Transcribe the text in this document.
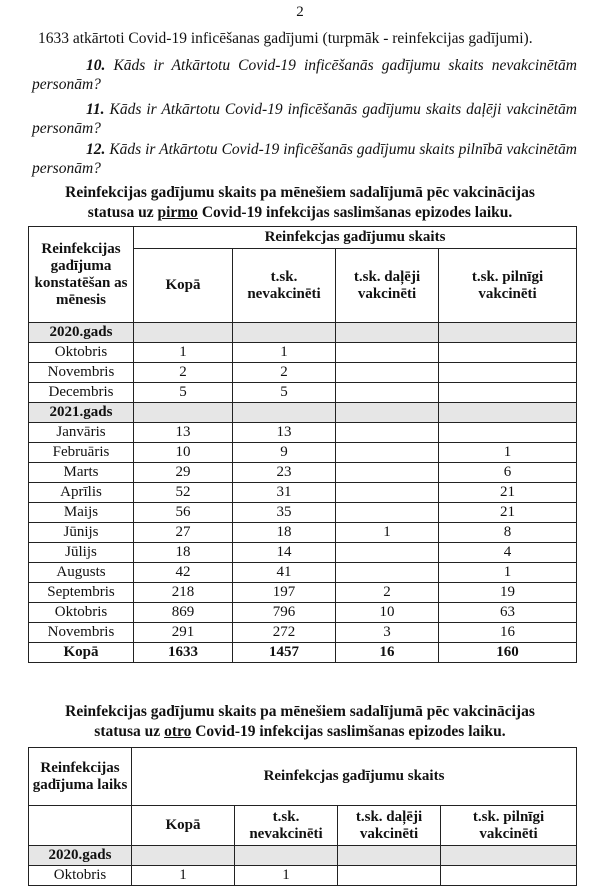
2
1633 atkārtoti Covid-19 inficēšanas gadījumi (turpmāk - reinfekcijas gadījumi).
10. Kāds ir Atkārtotu Covid-19 inficēšanās gadījumu skaits nevakcinētām personām?
11. Kāds ir Atkārtotu Covid-19 inficēšanās gadījumu skaits daļēji vakcinētām personām?
12. Kāds ir Atkārtotu Covid-19 inficēšanās gadījumu skaits pilnībā vakcinētām personām?
Reinfekcijas gadījumu skaits pa mēnešiem sadalījumā pēc vakcinācijas
statusa uz pirmo Covid-19 infekcijas saslimšanas epizodes laiku.
Reinfekcijas gadījuma konstatēšan as mēnesis	Reinfekcjas gadījumu skaits			
	Kopā	t.sk. nevakcinēti	t.sk. daļēji vakcinēti	t.sk. pilnīgi vakcinēti
2020.gads				
Oktobris	1	1		
Novembris	2	2		
Decembris	5	5		
2021.gads				
Janvāris	13	13		
Februāris	10	9		1
Marts	29	23		6
Aprīlis	52	31		21
Maijs	56	35		21
Jūnijs	27	18	1	8
Jūlijs	18	14		4
Augusts	42	41		1
Septembris	218	197	2	19
Oktobris	869	796	10	63
Novembris	291	272	3	16
Kopā	1633	1457	16	160
Reinfekcijas gadījumu skaits pa mēnešiem sadalījumā pēc vakcinācijas
statusa uz otro Covid-19 infekcijas saslimšanas epizodes laiku.
Reinfekcijas gadījuma laiks	Reinfekcjas gadījumu skaits			
	Kopā	t.sk. nevakcinēti	t.sk. daļēji vakcinēti	t.sk. pilnīgi vakcinēti
2020.gads				
Oktobris	1	1		
